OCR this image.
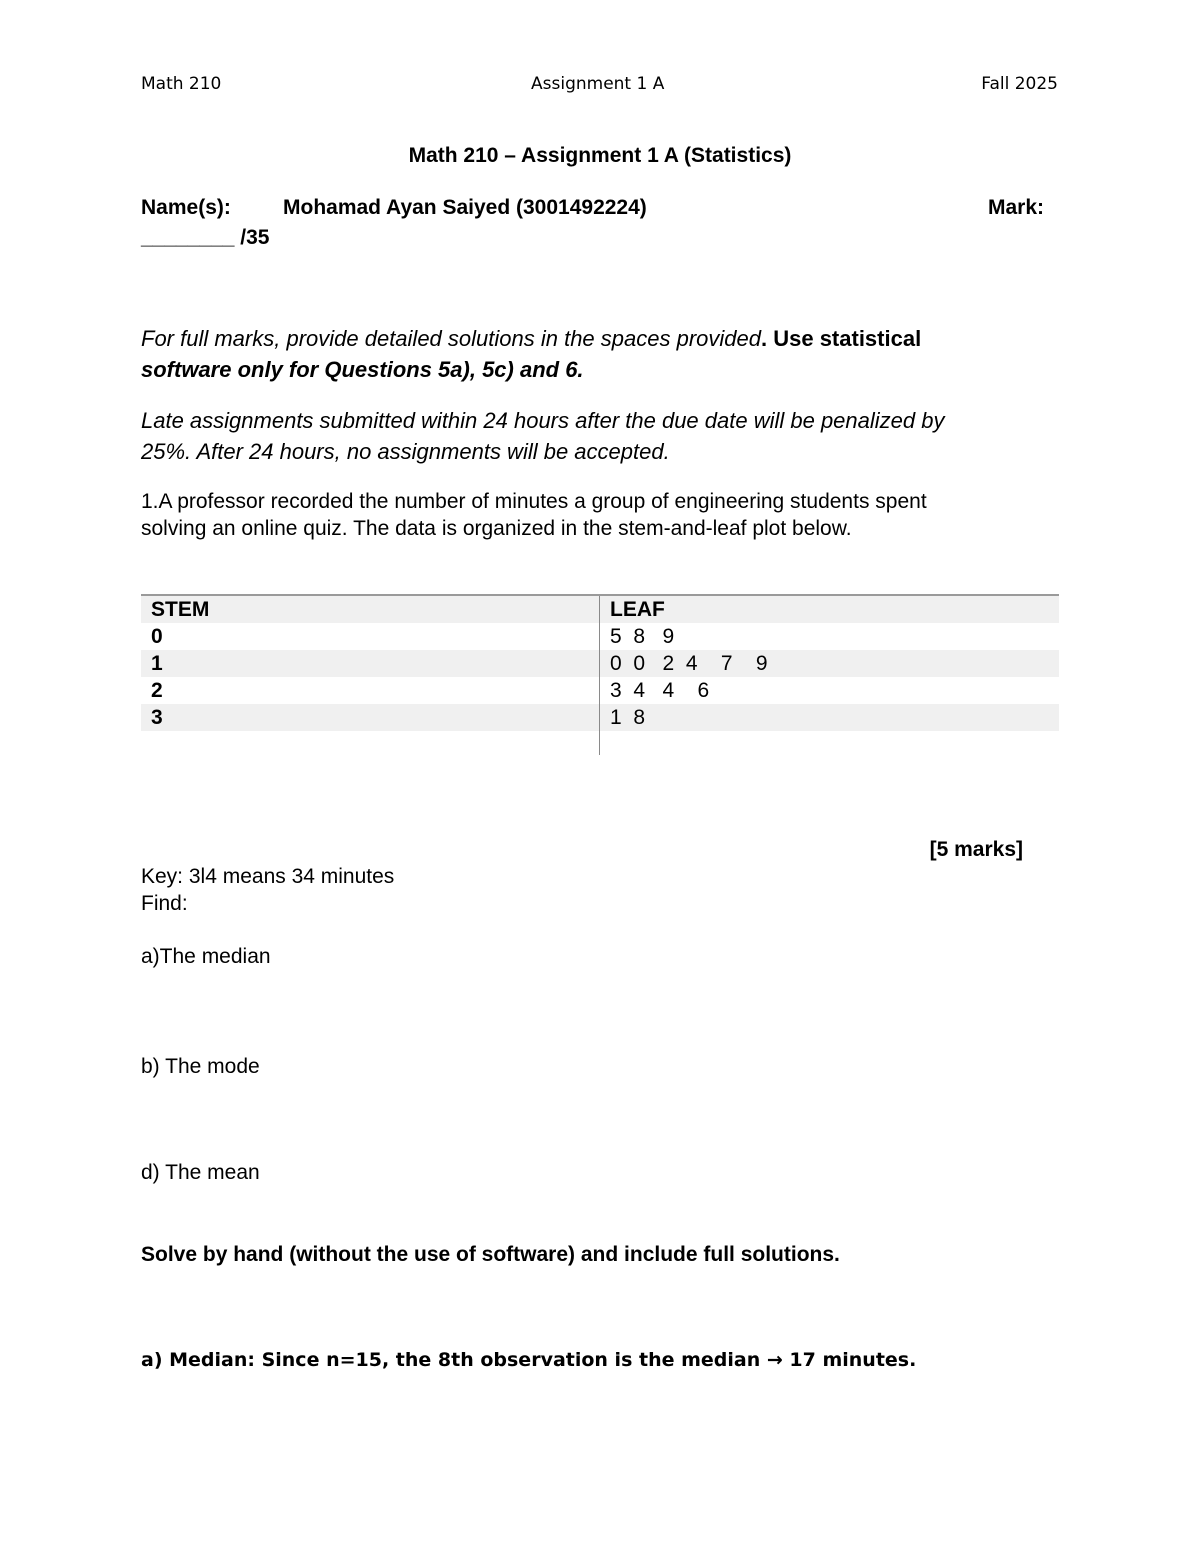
Math 210	Assignment 1 A	Fall 2025

Math 210 – Assignment 1 A (Statistics)

Name(s): Mohamad Ayan Saiyed (3001492224)	Mark:

________ /35

For full marks, provide detailed solutions in the spaces provided. Use statistical

software only for Questions 5a), 5c) and 6.

Late assignments submitted within 24 hours after the due date will be penalized by

25%. After 24 hours, no assignments will be accepted.

1.A professor recorded the number of minutes a group of engineering students spent

solving an online quiz. The data is organized in the stem-and-leaf plot below.

STEM	LEAF
0	5  8   9
1	0  0   2  4    7    9
2	3  4   4    6
3	1  8

[5 marks]

Key: 3l4 means 34 minutes

Find:

a)The median

b) The mode

d) The mean

Solve by hand (without the use of software) and include full solutions.

a) Median: Since n=15, the 8th observation is the median → 17 minutes.
